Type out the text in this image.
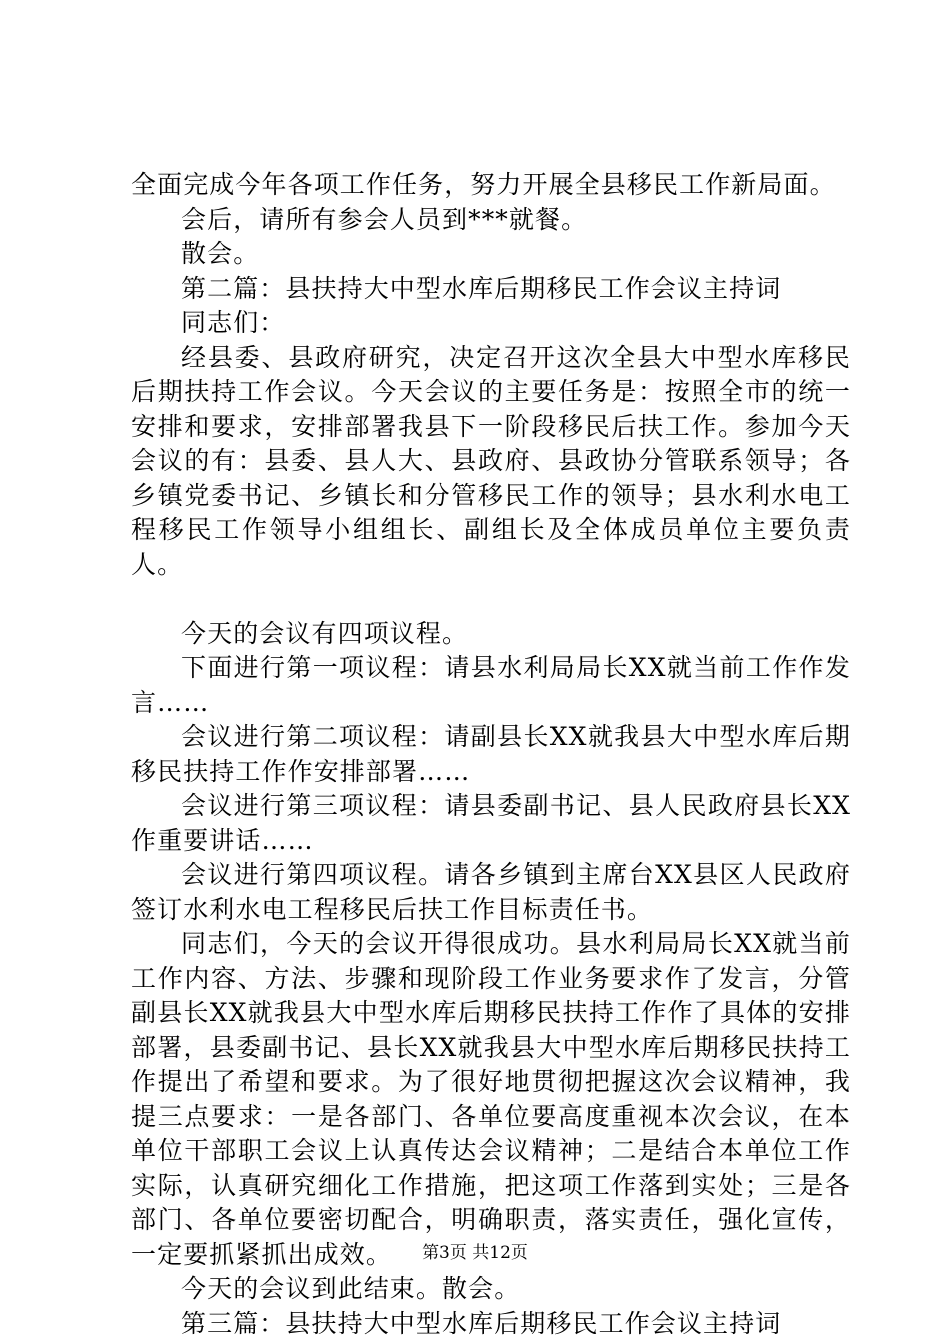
全面完成今年各项工作任务，努力开展全县移民工作新局面。

会后，请所有参会人员到***就餐。

散会。

第二篇：县扶持大中型水库后期移民工作会议主持词

同志们：

经县委、县政府研究，决定召开这次全县大中型水库移民后期扶持工作会议。今天会议的主要任务是：按照全市的统一安排和要求，安排部署我县下一阶段移民后扶工作。参加今天会议的有：县委、县人大、县政府、县政协分管联系领导；各乡镇党委书记、乡镇长和分管移民工作的领导；县水利水电工程移民工作领导小组组长、副组长及全体成员单位主要负责人。

今天的会议有四项议程。

下面进行第一项议程：请县水利局局长XX就当前工作作发言……

会议进行第二项议程：请副县长XX就我县大中型水库后期移民扶持工作作安排部署……

会议进行第三项议程：请县委副书记、县人民政府县长XX作重要讲话……

会议进行第四项议程。请各乡镇到主席台XX县区人民政府签订水利水电工程移民后扶工作目标责任书。

同志们，今天的会议开得很成功。县水利局局长XX就当前工作内容、方法、步骤和现阶段工作业务要求作了发言，分管副县长XX就我县大中型水库后期移民扶持工作作了具体的安排部署，县委副书记、县长XX就我县大中型水库后期移民扶持工作提出了希望和要求。为了很好地贯彻把握这次会议精神，我提三点要求：一是各部门、各单位要高度重视本次会议，在本单位干部职工会议上认真传达会议精神；二是结合本单位工作实际，认真研究细化工作措施，把这项工作落到实处；三是各部门、各单位要密切配合，明确职责，落实责任，强化宣传，一定要抓紧抓出成效。

今天的会议到此结束。散会。

第三篇：县扶持大中型水库后期移民工作会议主持词

第3页 共12页
